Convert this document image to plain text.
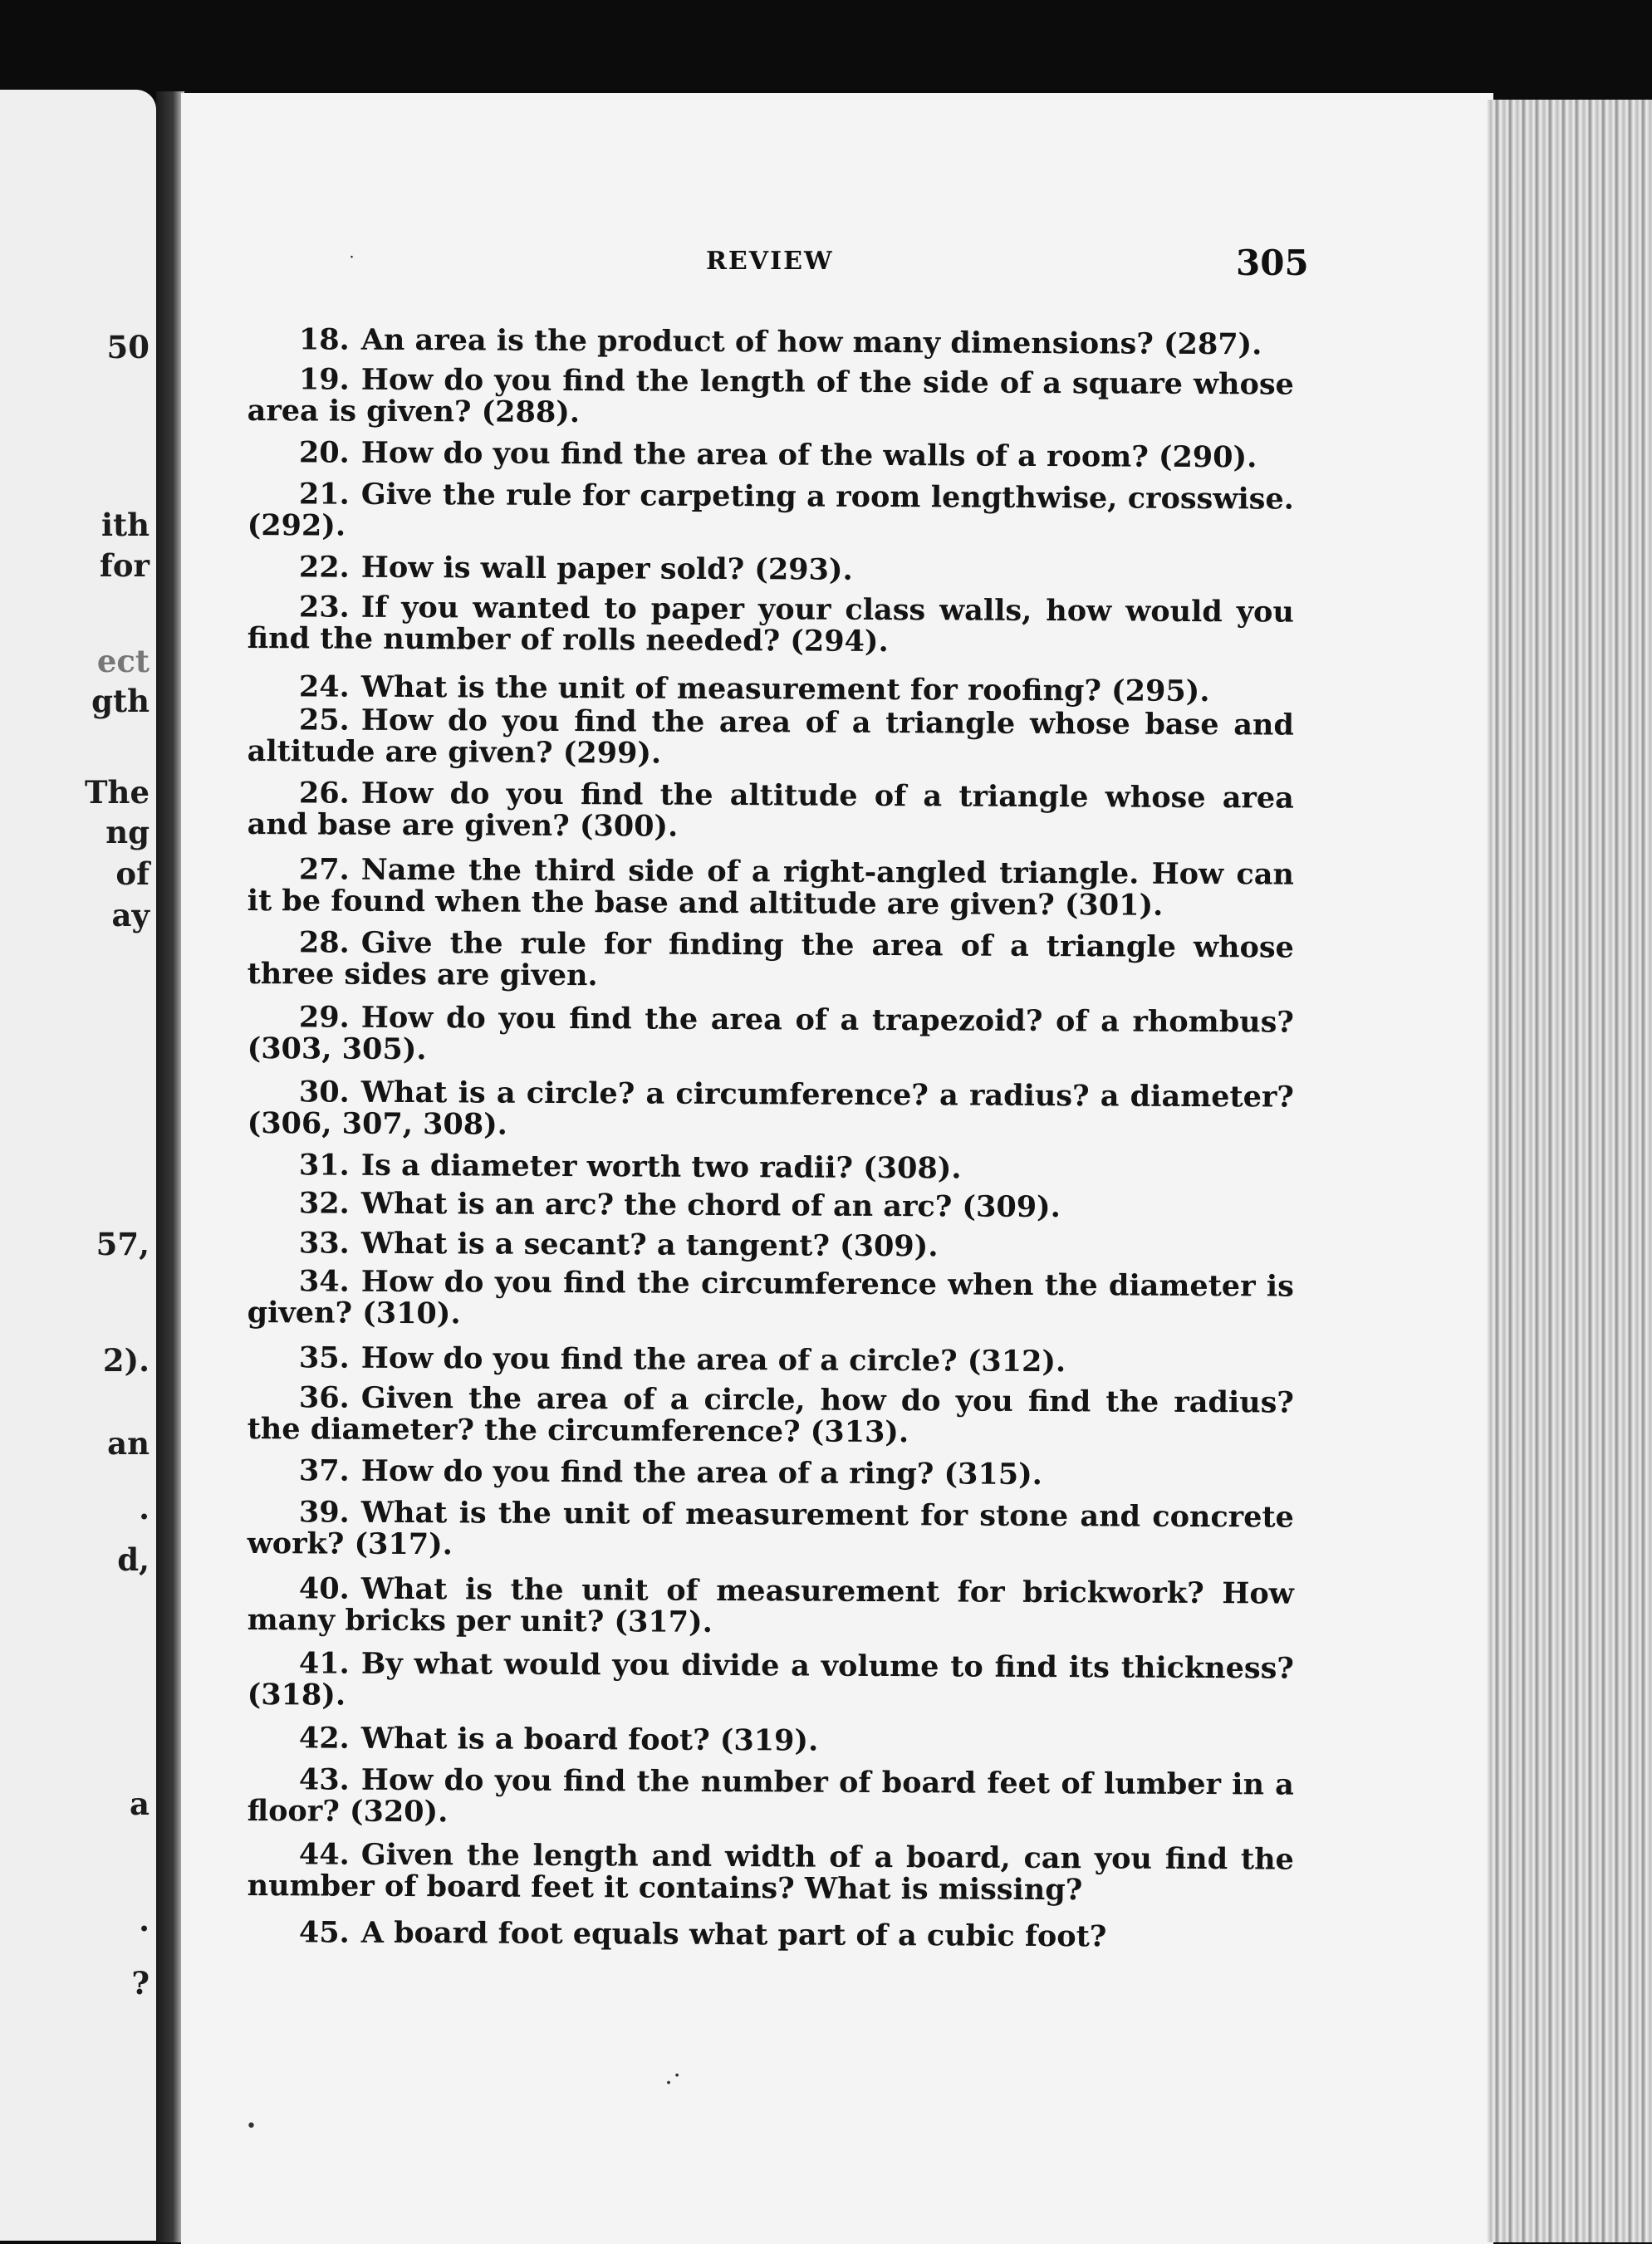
50
ith
for
ect
gth
The
ng
of
ay
57,
2).
an
.
d,
a
.
?
REVIEW	305
˙
․⋅
•
18. An area is the product of how many dimensions? (287).
19. How do you find the length of the side of a square whose area is given? (288).
20. How do you find the area of the walls of a room? (290).
21. Give the rule for carpeting a room lengthwise, crosswise. (292).
22. How is wall paper sold? (293).
23. If you wanted to paper your class walls, how would you find the number of rolls needed? (294).
24. What is the unit of measurement for roofing? (295).
25. How do you find the area of a triangle whose base and altitude are given? (299).
26. How do you find the altitude of a triangle whose area and base are given? (300).
27. Name the third side of a right-angled triangle. How can it be found when the base and altitude are given? (301).
28. Give the rule for finding the area of a triangle whose three sides are given.
29. How do you find the area of a trapezoid? of a rhombus? (303, 305).
30. What is a circle? a circumference? a radius? a diameter? (306, 307, 308).
31. Is a diameter worth two radii? (308).
32. What is an arc? the chord of an arc? (309).
33. What is a secant? a tangent? (309).
34. How do you find the circumference when the diameter is given? (310).
35. How do you find the area of a circle? (312).
36. Given the area of a circle, how do you find the radius? the diameter? the circumference? (313).
37. How do you find the area of a ring? (315).
39. What is the unit of measurement for stone and concrete work? (317).
40. What is the unit of measurement for brickwork? How many bricks per unit? (317).
41. By what would you divide a volume to find its thickness? (318).
42. What is a board foot? (319).
43. How do you find the number of board feet of lumber in a floor? (320).
44. Given the length and width of a board, can you find the number of board feet it contains? What is missing?
45. A board foot equals what part of a cubic foot?
